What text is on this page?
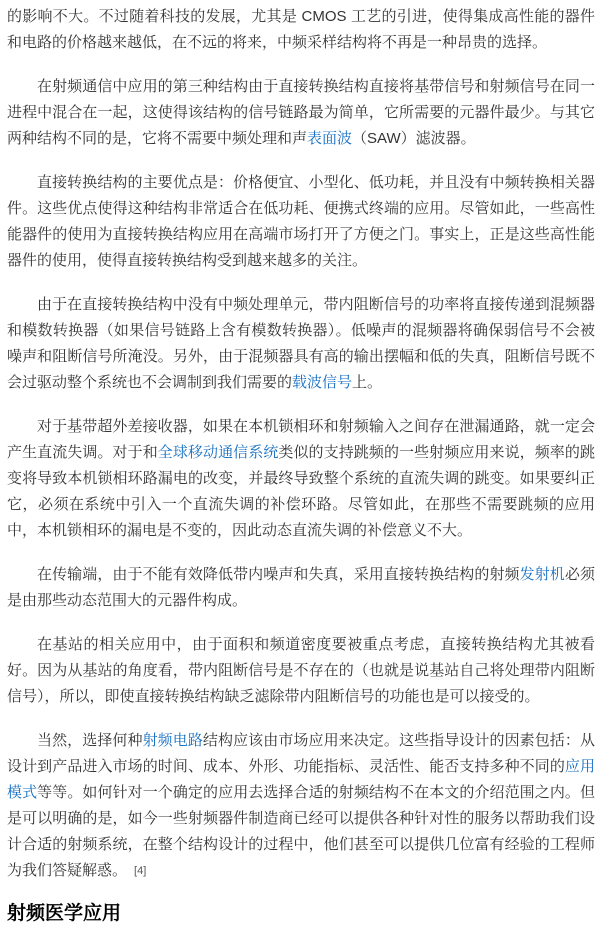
的影响不大。不过随着科技的发展，尤其是 CMOS 工艺的引进，使得集成高性能的器件和电路的价格越来越低，在不远的将来，中频采样结构将不再是一种昂贵的选择。

在射频通信中应用的第三种结构由于直接转换结构直接将基带信号和射频信号在同一进程中混合在一起，这使得该结构的信号链路最为简单，它所需要的元器件最少。与其它两种结构不同的是，它将不需要中频处理和声表面波（SAW）滤波器。

直接转换结构的主要优点是：价格便宜、小型化、低功耗，并且没有中频转换相关器件。这些优点使得这种结构非常适合在低功耗、便携式终端的应用。尽管如此，一些高性能器件的使用为直接转换结构应用在高端市场打开了方便之门。事实上，正是这些高性能器件的使用，使得直接转换结构受到越来越多的关注。

由于在直接转换结构中没有中频处理单元，带内阻断信号的功率将直接传递到混频器和模数转换器（如果信号链路上含有模数转换器）。低噪声的混频器将确保弱信号不会被噪声和阻断信号所淹没。另外，由于混频器具有高的输出摆幅和低的失真，阻断信号既不会过驱动整个系统也不会调制到我们需要的载波信号上。

对于基带超外差接收器，如果在本机锁相环和射频输入之间存在泄漏通路，就一定会产生直流失调。对于和全球移动通信系统类似的支持跳频的一些射频应用来说，频率的跳变将导致本机锁相环路漏电的改变，并最终导致整个系统的直流失调的跳变。如果要纠正它，必须在系统中引入一个直流失调的补偿环路。尽管如此，在那些不需要跳频的应用中，本机锁相环的漏电是不变的，因此动态直流失调的补偿意义不大。

在传输端，由于不能有效降低带内噪声和失真，采用直接转换结构的射频发射机必须是由那些动态范围大的元器件构成。

在基站的相关应用中，由于面积和频道密度要被重点考虑，直接转换结构尤其被看好。因为从基站的角度看，带内阻断信号是不存在的（也就是说基站自己将处理带内阻断信号），所以，即使直接转换结构缺乏滤除带内阻断信号的功能也是可以接受的。

当然，选择何种射频电路结构应该由市场应用来决定。这些指导设计的因素包括：从设计到产品进入市场的时间、成本、外形、功能指标、灵活性、能否支持多种不同的应用模式等等。如何针对一个确定的应用去选择合适的射频结构不在本文的介绍范围之内。但是可以明确的是，如今一些射频器件制造商已经可以提供各种针对性的服务以帮助我们设计合适的射频系统，在整个结构设计的过程中，他们甚至可以提供几位富有经验的工程师为我们答疑解惑。 [4]

射频医学应用
